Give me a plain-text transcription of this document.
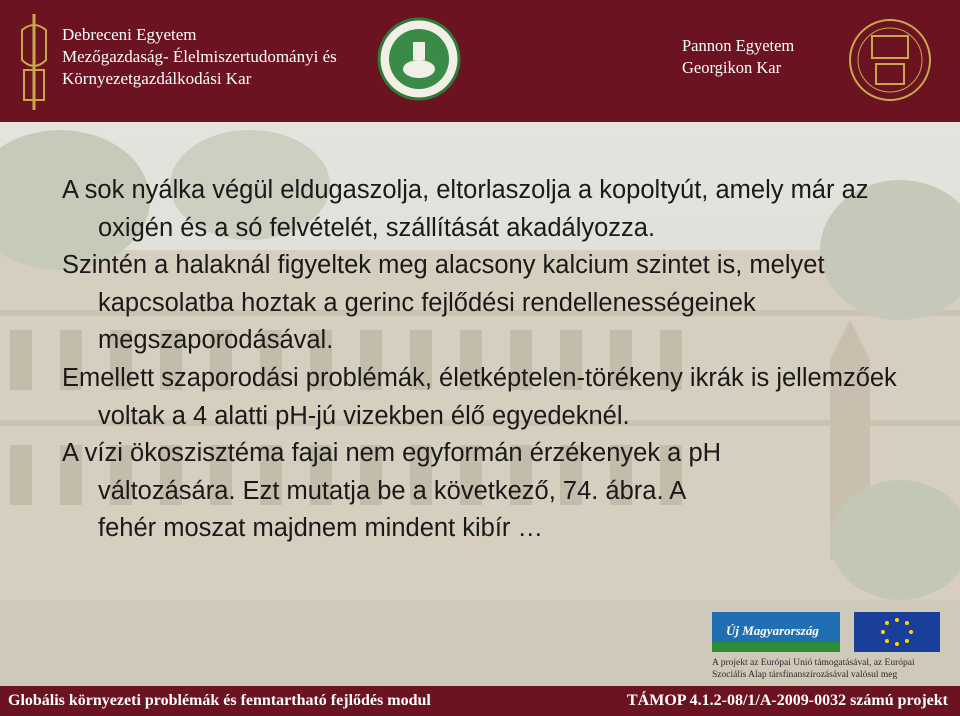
Debreceni Egyetem
Mezőgazdaság- Élelmiszertudományi és
Környezetgazdálkodási Kar
Pannon Egyetem
Georgikon Kar

A sok nyálka végül eldugaszolja, eltorlaszolja a kopoltyút, amely már az oxigén és a só felvételét, szállítását akadályozza.

Szintén a halaknál figyeltek meg alacsony kalcium szintet is, melyet kapcsolatba hoztak a gerinc fejlődési rendellenességeinek megszaporodásával.

Emellett szaporodási problémák, életképtelen-törékeny ikrák is jellemzőek voltak a 4 alatti pH-jú vizekben élő egyedeknél.

A vízi ökoszisztéma fajai nem egyformán érzékenyek a pH változására. Ezt mutatja be a következő, 74. ábra. A fehér moszat majdnem mindent kibír …

Új Magyarország
A projekt az Európai Unió támogatásával, az Európai
Szociális Alap társfinanszírozásával valósul meg
Globális környezeti problémák és fenntartható fejlődés modul	TÁMOP 4.1.2-08/1/A-2009-0032 számú projekt
